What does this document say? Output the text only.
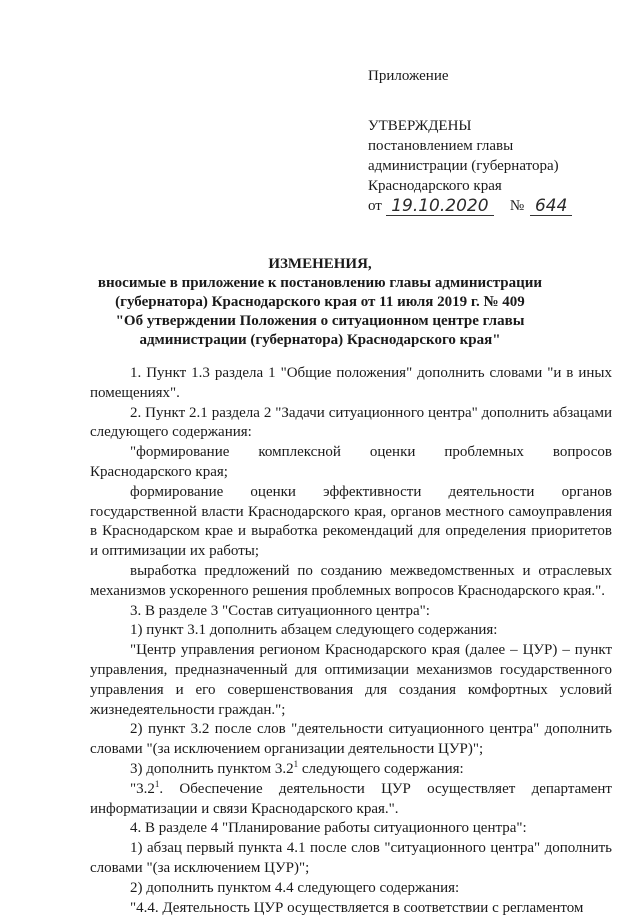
Приложение
УТВЕРЖДЕНЫ
постановлением главы
администрации (губернатора)
Краснодарского края
от 19.10.2020	№ 644
ИЗМЕНЕНИЯ,
вносимые в приложение к постановлению главы администрации
(губернатора) Краснодарского края от 11 июля 2019 г. № 409
"Об утверждении Положения о ситуационном центре главы
администрации (губернатора) Краснодарского края"

1. Пункт 1.3 раздела 1 "Общие положения" дополнить словами "и в иных помещениях".

2. Пункт 2.1 раздела 2 "Задачи ситуационного центра" дополнить абзацами следующего содержания:

"формирование комплексной оценки проблемных вопросов Краснодарского края;

формирование оценки эффективности деятельности органов государственной власти Краснодарского края, органов местного самоуправления в Краснодарском крае и выработка рекомендаций для определения приоритетов и оптимизации их работы;

выработка предложений по созданию межведомственных и отраслевых механизмов ускоренного решения проблемных вопросов Краснодарского края.".

3. В разделе 3 "Состав ситуационного центра":

1) пункт 3.1 дополнить абзацем следующего содержания:

"Центр управления регионом Краснодарского края (далее – ЦУР) – пункт управления, предназначенный для оптимизации механизмов государственного управления и его совершенствования для создания комфортных условий жизнедеятельности граждан.";

2) пункт 3.2 после слов "деятельности ситуационного центра" дополнить словами "(за исключением организации деятельности ЦУР)";

3) дополнить пунктом $3.2^1$ следующего содержания:

"$3.2^1$. Обеспечение деятельности ЦУР осуществляет департамент информатизации и связи Краснодарского края.".

4. В разделе 4 "Планирование работы ситуационного центра":

1) абзац первый пункта 4.1 после слов "ситуационного центра" дополнить словами "(за исключением ЦУР)";

2) дополнить пунктом 4.4 следующего содержания:

"4.4. Деятельность ЦУР осуществляется в соответствии с регламентом
